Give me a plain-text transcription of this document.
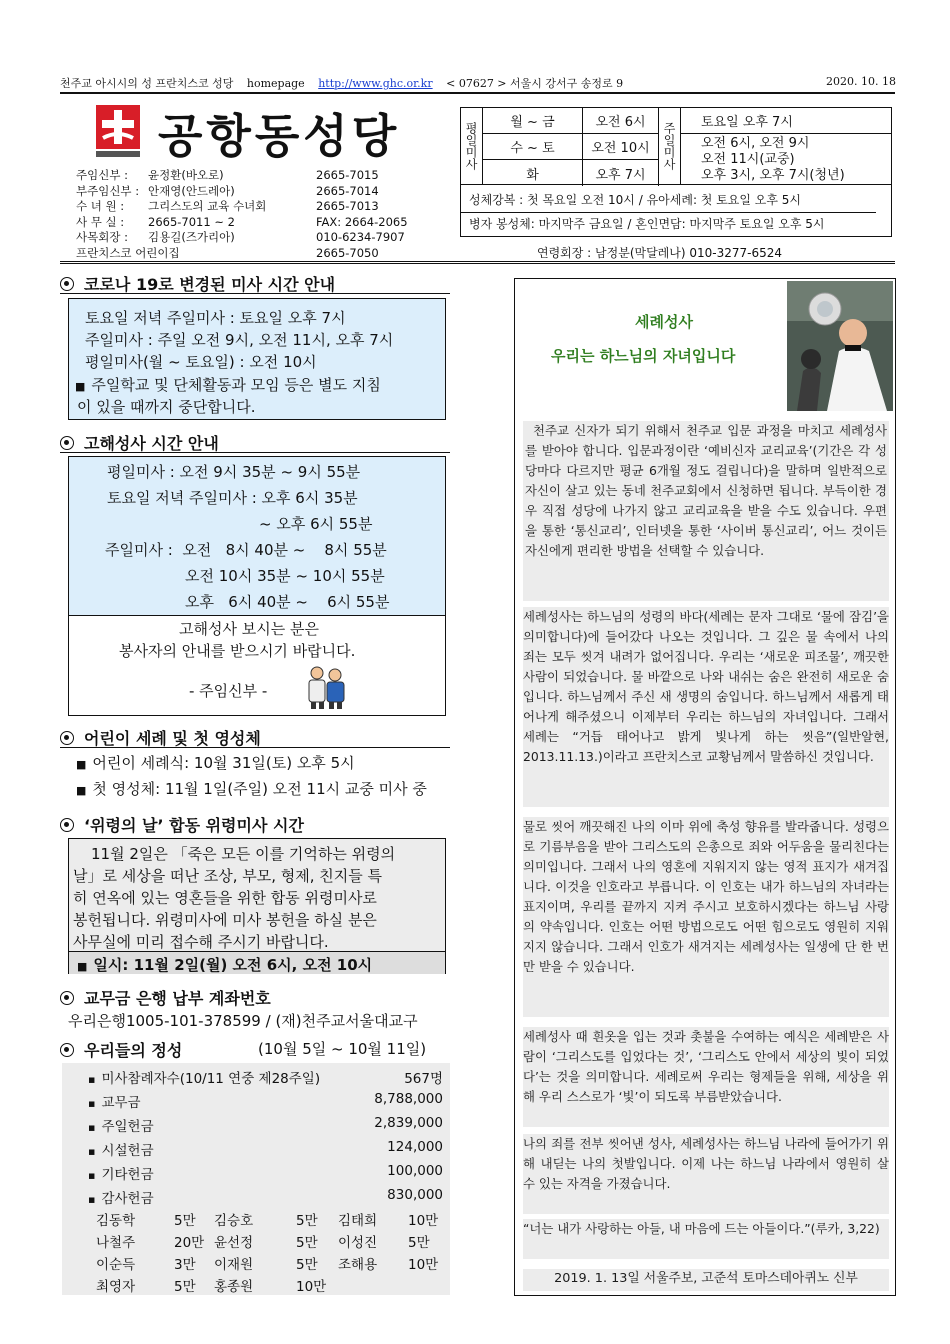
천주교 아시시의 성 프란치스코 성당 homepage http://www.ghc.or.kr < 07627 > 서울시 강서구 송정로 9	2020. 10. 18
공항동성당
주임신부 : 윤정환(바오로)	2665-7015
부주임신부 : 안재영(안드레아)	2665-7014
수 녀 원 : 그리스도의 교육 수녀회	2665-7013
사 무 실 : 2665-7011 ~ 2	FAX: 2664-2065
사목회장 : 김용길(즈가리아)	010-6234-7907
프란치스코 어린이집	2665-7050
평일미사	월 ~ 금	오전 6시
수 ~ 토	오전 10시
화	오후 7시
주일미사	토요일 오후 7시
오전 6시, 오전 9시
오전 11시(교중)
오후 3시, 오후 7시(청년)
성체강복 : 첫 목요일 오전 10시 / 유아세례: 첫 토요일 오후 5시
병자 봉성체: 마지막주 금요일 / 혼인면담: 마지막주 토요일 오후 5시
연령회장 : 남정분(막달레나) 010-3277-6524
코로나 19로 변경된 미사 시간 안내
토요일 저녁 주일미사 : 토요일 오후 7시
주일미사 : 주일 오전 9시, 오전 11시, 오후 7시
평일미사(월 ~ 토요일) : 오전 10시
■ 주일학교 및 단체활동과 모임 등은 별도 지침
이 있을 때까지 중단합니다.
고해성사 시간 안내
평일미사 : 오전 9시 35분 ~ 9시 55분
토요일 저녁 주일미사 : 오후 6시 35분
~ 오후 6시 55분
주일미사 :  오전   8시 40분 ~    8시 55분
오전 10시 35분 ~ 10시 55분
오후   6시 40분 ~    6시 55분
고해성사 보시는 분은
봉사자의 안내를 받으시기 바랍니다.
- 주임신부 -
어린이 세례 및 첫 영성체
■ 어린이 세례식: 10월 31일(토) 오후 5시
■ 첫 영성체: 11월 1일(주일) 오전 11시 교중 미사 중
‘위령의 날’ 합동 위령미사 시간
11월 2일은 「죽은 모든 이를 기억하는 위령의
날」로 세상을 떠난 조상, 부모, 형제, 친지들 특
히 연옥에 있는 영혼들을 위한 합동 위령미사로
봉헌됩니다. 위령미사에 미사 봉헌을 하실 분은
사무실에 미리 접수해 주시기 바랍니다.
■ 일시: 11월 2일(월) 오전 6시, 오전 10시
교무금 은행 납부 계좌번호
우리은행1005-101-378599 / (재)천주교서울대교구
우리들의 정성	(10월 5일 ~ 10월 11일)
▪ 미사참례자수(10/11 연중 제28주일)	567명
▪ 교무금	8,788,000
▪ 주일헌금	2,839,000
▪ 시설헌금	124,000
▪ 기타헌금	100,000
▪ 감사헌금	830,000
김동학	5만 김승호	5만 김태희 10만
나철주	20만 윤선정	5만 이성진 5만
이순득	3만 이재원	5만 조해용 10만
최영자	5만 홍종원	10만
세례성사
우리는 하느님의 자녀입니다
천주교 신자가 되기 위해서 천주교 입문 과정을 마치고 세례성사를 받아야 합니다. 입문과정이란 ‘예비신자 교리교육’(기간은 각 성당마다 다르지만 평균 6개월 정도 걸립니다)을 말하며 일반적으로 자신이 살고 있는 동네 천주교회에서 신청하면 됩니다. 부득이한 경우 직접 성당에 나가지 않고 교리교육을 받을 수도 있습니다. 우편을 통한 ‘통신교리’, 인터넷을 통한 ‘사이버 통신교리’, 어느 것이든 자신에게 편리한 방법을 선택할 수 있습니다.
세례성사는 하느님의 성령의 바다(세례는 문자 그대로 ‘물에 잠김’을 의미합니다)에 들어갔다 나오는 것입니다. 그 깊은 물 속에서 나의 죄는 모두 씻겨 내려가 없어집니다. 우리는 ‘새로운 피조물’, 깨끗한 사람이 되었습니다. 물 바깥으로 나와 내쉬는 숨은 완전히 새로운 숨입니다. 하느님께서 주신 새 생명의 숨입니다. 하느님께서 새롭게 태어나게 해주셨으니 이제부터 우리는 하느님의 자녀입니다. 그래서 세례는 “거듭 태어나고 밝게 빛나게 하는 씻음”(일반알현, 2013.11.13.)이라고 프란치스코 교황님께서 말씀하신 것입니다.
물로 씻어 깨끗해진 나의 이마 위에 축성 향유를 발라줍니다. 성령으로 기름부음을 받아 그리스도의 은총으로 죄와 어두움을 물리친다는 의미입니다. 그래서 나의 영혼에 지워지지 않는 영적 표지가 새겨집니다. 이것을 인호라고 부릅니다. 이 인호는 내가 하느님의 자녀라는 표지이며, 우리를 끝까지 지켜 주시고 보호하시겠다는 하느님 사랑의 약속입니다. 인호는 어떤 방법으로도 어떤 힘으로도 영원히 지워지지 않습니다. 그래서 인호가 새겨지는 세례성사는 일생에 단 한 번만 받을 수 있습니다.
세례성사 때 흰옷을 입는 것과 촛불을 수여하는 예식은 세례받은 사람이 ‘그리스도를 입었다는 것’, ‘그리스도 안에서 세상의 빛이 되었다’는 것을 의미합니다. 세례로써 우리는 형제들을 위해, 세상을 위해 우리 스스로가 ‘빛’이 되도록 부름받았습니다.
나의 죄를 전부 씻어낸 성사, 세례성사는 하느님 나라에 들어가기 위해 내딛는 나의 첫발입니다. 이제 나는 하느님 나라에서 영원히 살 수 있는 자격을 가졌습니다.
“너는 내가 사랑하는 아들, 내 마음에 드는 아들이다.”(루카, 3,22)
2019. 1. 13일 서울주보, 고준석 토마스데아퀴노 신부
